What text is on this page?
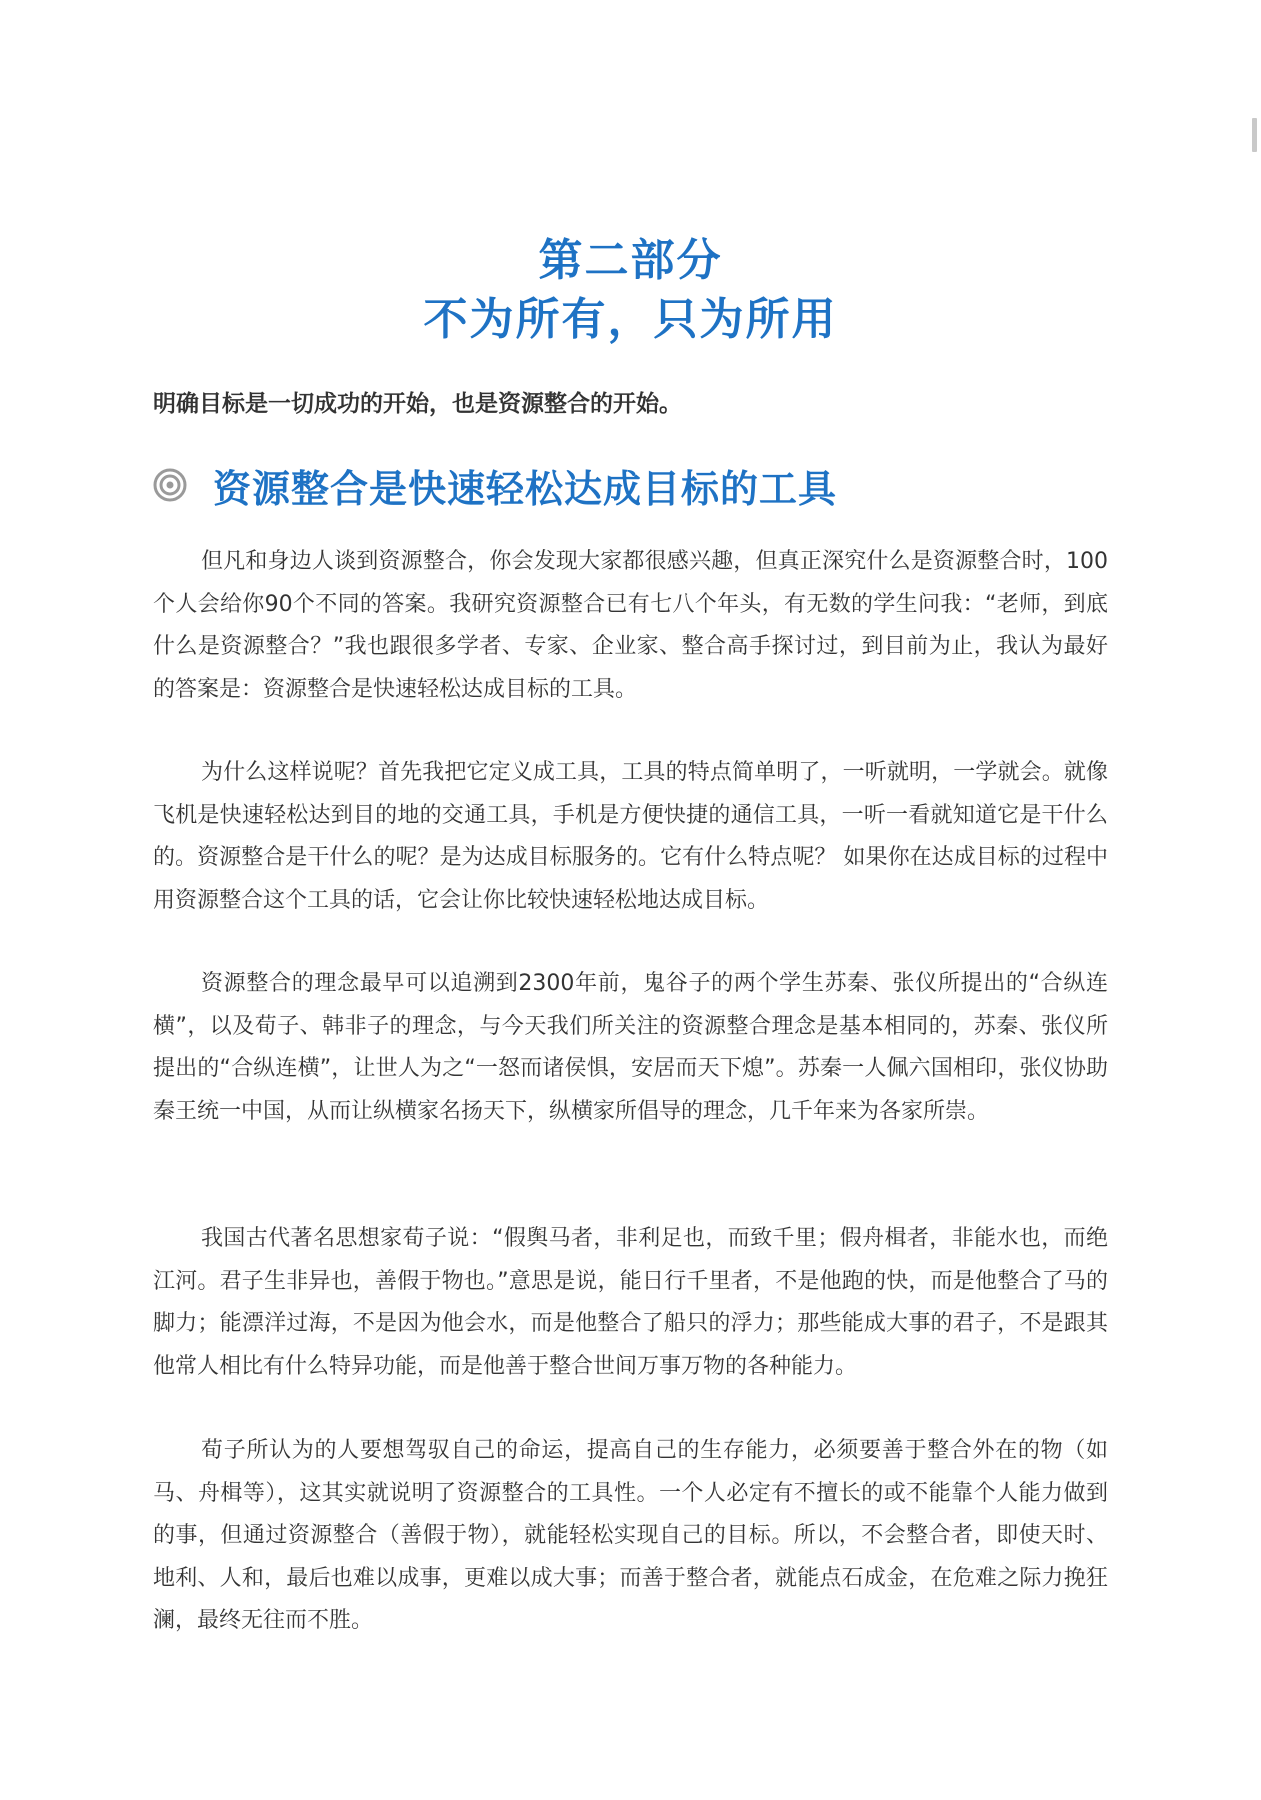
第二部分
不为所有，只为所用
明确目标是一切成功的开始，也是资源整合的开始。
资源整合是快速轻松达成目标的工具

但凡和身边人谈到资源整合，你会发现大家都很感兴趣，但真正深究什么是资源整合时，100个人会给你90个不同的答案。我研究资源整合已有七八个年头，有无数的学生问我：“老师，到底什么是资源整合？”我也跟很多学者、专家、企业家、整合高手探讨过，到目前为止，我认为最好的答案是：资源整合是快速轻松达成目标的工具。

为什么这样说呢？首先我把它定义成工具，工具的特点简单明了，一听就明，一学就会。就像飞机是快速轻松达到目的地的交通工具，手机是方便快捷的通信工具，一听一看就知道它是干什么的。资源整合是干什么的呢？是为达成目标服务的。它有什么特点呢？ 如果你在达成目标的过程中用资源整合这个工具的话，它会让你比较快速轻松地达成目标。

资源整合的理念最早可以追溯到2300年前，鬼谷子的两个学生苏秦、张仪所提出的“合纵连横”，以及荀子、韩非子的理念，与今天我们所关注的资源整合理念是基本相同的，苏秦、张仪所提出的“合纵连横”，让世人为之“一怒而诸侯惧，安居而天下熄”。苏秦一人佩六国相印，张仪协助秦王统一中国，从而让纵横家名扬天下，纵横家所倡导的理念，几千年来为各家所崇。

我国古代著名思想家荀子说：“假舆马者，非利足也，而致千里；假舟楫者，非能水也，而绝江河。君子生非异也，善假于物也。”意思是说，能日行千里者，不是他跑的快，而是他整合了马的脚力；能漂洋过海，不是因为他会水，而是他整合了船只的浮力；那些能成大事的君子，不是跟其他常人相比有什么特异功能，而是他善于整合世间万事万物的各种能力。

荀子所认为的人要想驾驭自己的命运，提高自己的生存能力，必须要善于整合外在的物（如马、舟楫等），这其实就说明了资源整合的工具性。一个人必定有不擅长的或不能靠个人能力做到的事，但通过资源整合（善假于物），就能轻松实现自己的目标。所以，不会整合者，即使天时、地利、人和，最后也难以成事，更难以成大事；而善于整合者，就能点石成金，在危难之际力挽狂澜，最终无往而不胜。
